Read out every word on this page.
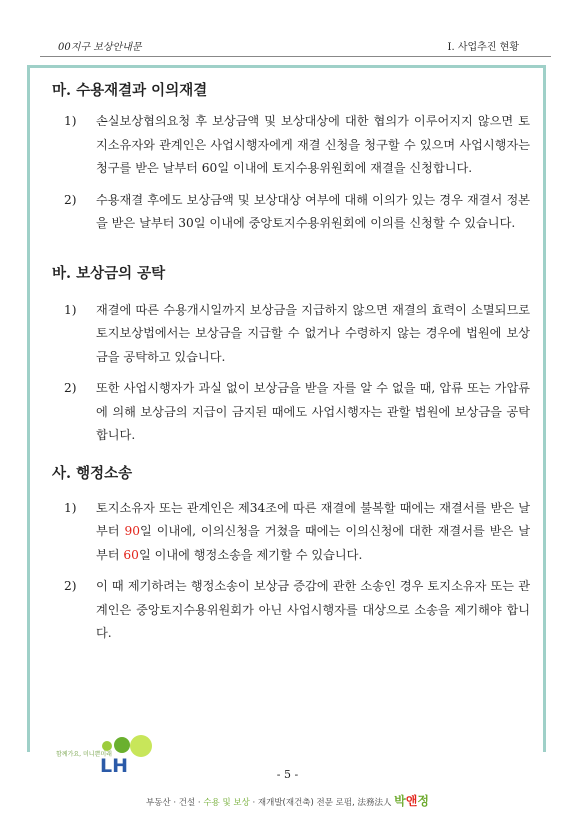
00지구 보상안내문	Ⅰ. 사업추진 현황
마. 수용재결과 이의재결
1)	손실보상협의요청 후 보상금액 및 보상대상에 대한 협의가 이루어지지 않으면 토지소유자와 관계인은 사업시행자에게 재결 신청을 청구할 수 있으며 사업시행자는 청구를 받은 날부터 60일 이내에 토지수용위원회에 재결을 신청합니다.
2)	수용재결 후에도 보상금액 및 보상대상 여부에 대해 이의가 있는 경우 재결서 정본을 받은 날부터 30일 이내에 중앙토지수용위원회에 이의를 신청할 수 있습니다.
바. 보상금의 공탁
1)	재결에 따른 수용개시일까지 보상금을 지급하지 않으면 재결의 효력이 소멸되므로 토지보상법에서는 보상금을 지급할 수 없거나 수령하지 않는 경우에 법원에 보상금을 공탁하고 있습니다.
2)	또한 사업시행자가 과실 없이 보상금을 받을 자를 알 수 없을 때, 압류 또는 가압류에 의해 보상금의 지급이 금지된 때에도 사업시행자는 관할 법원에 보상금을 공탁합니다.
사. 행정소송
1)	토지소유자 또는 관계인은 제34조에 따른 재결에 불복할 때에는 재결서를 받은 날부터 90일 이내에, 이의신청을 거쳤을 때에는 이의신청에 대한 재결서를 받은 날부터 60일 이내에 행정소송을 제기할 수 있습니다.
2)	이 때 제기하려는 행정소송이 보상금 증감에 관한 소송인 경우 토지소유자 또는 관계인은 중앙토지수용위원회가 아닌 사업시행자를 대상으로 소송을 제기해야 합니다.
함께가요, 미니쁜미래
LH	- 5 -
부동산 · 건설 · 수용 및 보상 · 재개발(재건축) 전문 로펌, 法務法人 박앤정
